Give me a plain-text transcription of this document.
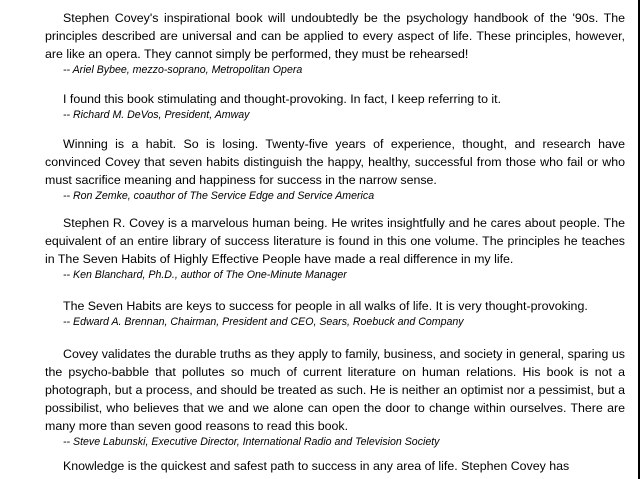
Stephen Covey's inspirational book will undoubtedly be the psychology handbook of the '90s. The principles described are universal and can be applied to every aspect of life. These principles, however, are like an opera. They cannot simply be performed, they must be rehearsed!

-- Ariel Bybee, mezzo-soprano, Metropolitan Opera

I found this book stimulating and thought-provoking. In fact, I keep referring to it.

-- Richard M. DeVos, President, Amway

Winning is a habit. So is losing. Twenty-five years of experience, thought, and research have convinced Covey that seven habits distinguish the happy, healthy, successful from those who fail or who must sacrifice meaning and happiness for success in the narrow sense.

-- Ron Zemke, coauthor of The Service Edge and Service America

Stephen R. Covey is a marvelous human being. He writes insightfully and he cares about people. The equivalent of an entire library of success literature is found in this one volume. The principles he teaches in The Seven Habits of Highly Effective People have made a real difference in my life.

-- Ken Blanchard, Ph.D., author of The One-Minute Manager

The Seven Habits are keys to success for people in all walks of life. It is very thought-provoking.

-- Edward A. Brennan, Chairman, President and CEO, Sears, Roebuck and Company

Covey validates the durable truths as they apply to family, business, and society in general, sparing us the psycho-babble that pollutes so much of current literature on human relations. His book is not a photograph, but a process, and should be treated as such. He is neither an optimist nor a pessimist, but a possibilist, who believes that we and we alone can open the door to change within ourselves. There are many more than seven good reasons to read this book.

-- Steve Labunski, Executive Director, International Radio and Television Society

Knowledge is the quickest and safest path to success in any area of life. Stephen Covey has
